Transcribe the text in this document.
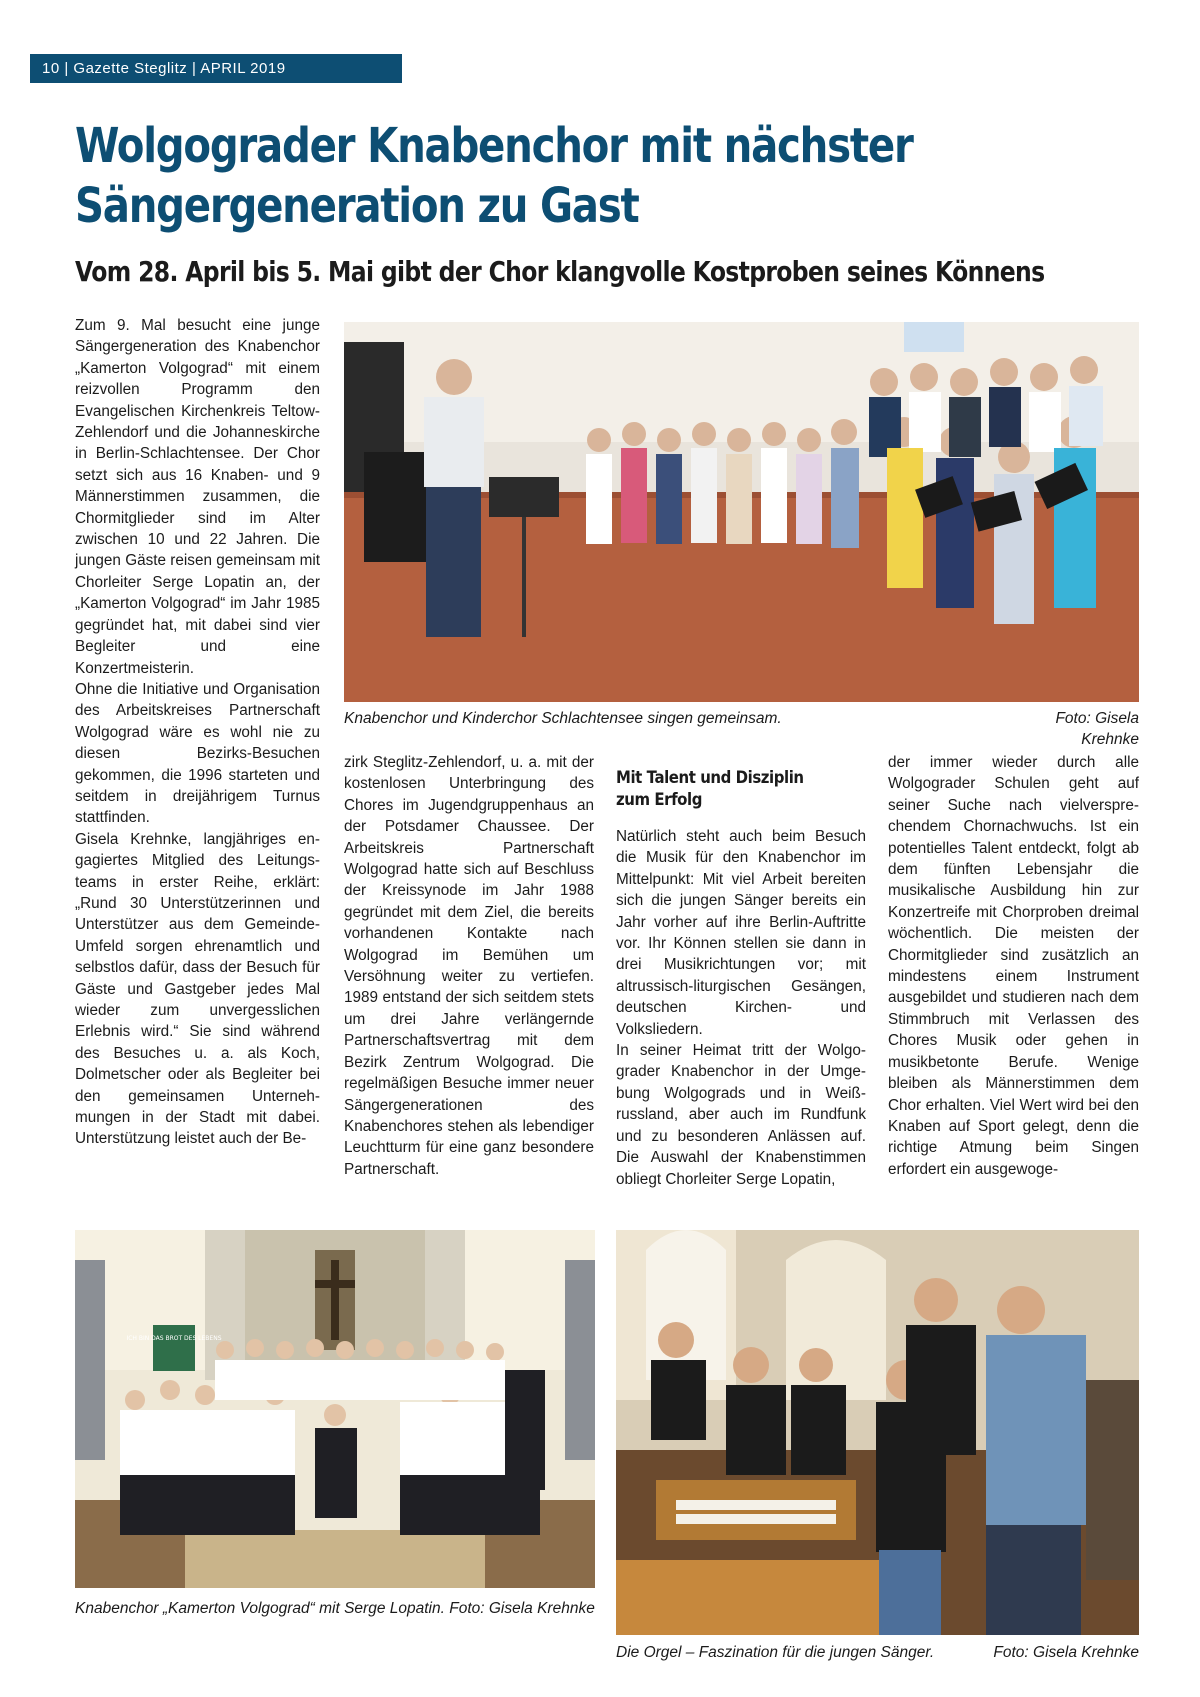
10 | Gazette Steglitz | APRIL 2019
Wolgograder Knabenchor mit nächster
Sängergeneration zu Gast
Vom 28. April bis 5. Mai gibt der Chor klangvolle Kostproben seines Könnens

Zum 9. Mal besucht eine junge Sängergeneration des Knabenchor „Kamerton Volgograd“ mit einem reizvollen Programm den Evangelischen Kirchenkreis Teltow-Zehlendorf und die Johanneskirche in Berlin-Schlachtensee. Der Chor setzt sich aus 16 Knaben- und 9 Männerstimmen zusammen, die Chormitglieder sind im Alter zwischen 10 und 22 Jahren. Die jungen Gäste reisen gemeinsam mit Chorleiter Serge Lopatin an, der „Kamerton Volgograd“ im Jahr 1985 gegründet hat, mit dabei sind vier Begleiter und eine Konzertmeisterin.

Ohne die Initiative und Organisation des Arbeitskreises Partnerschaft Wolgograd wäre es wohl nie zu diesen Bezirks-Besuchen gekommen, die 1996 starteten und seitdem in dreijährigem Turnus stattfinden.

Gisela Krehnke, langjähriges engagiertes Mitglied des Leitungsteams in erster Reihe, erklärt: „Rund 30 Unterstützerinnen und Unterstützer aus dem Gemeinde-Umfeld sorgen ehrenamtlich und selbstlos dafür, dass der Besuch für Gäste und Gastgeber jedes Mal wieder zum unvergesslichen Erlebnis wird.“ Sie sind während des Besuches u. a. als Koch, Dolmetscher oder als Begleiter bei den gemeinsamen Unternehmungen in der Stadt mit dabei. Unterstützung leistet auch der Be-

Knabenchor und Kinderchor Schlachtensee singen gemeinsam.	Foto: Gisela Krehnke

zirk Steglitz-Zehlendorf, u. a. mit der kostenlosen Unterbringung des Chores im Jugendgruppenhaus an der Potsdamer Chaussee. Der Arbeitskreis Partnerschaft Wolgograd hatte sich auf Beschluss der Kreissynode im Jahr 1988 gegründet mit dem Ziel, die bereits vorhandenen Kontakte nach Wolgograd im Bemühen um Versöhnung weiter zu vertiefen. 1989 entstand der sich seitdem stets um drei Jahre verlängernde Partnerschaftsvertrag mit dem Bezirk Zentrum Wolgograd. Die regelmäßigen Besuche immer neuer Sängergenerationen des Knabenchores stehen als lebendiger Leuchtturm für eine ganz besondere Partnerschaft.

Mit Talent und Disziplin
zum Erfolg

Natürlich steht auch beim Besuch die Musik für den Knabenchor im Mittelpunkt: Mit viel Arbeit bereiten sich die jungen Sänger bereits ein Jahr vorher auf ihre Berlin-Auftritte vor. Ihr Können stellen sie dann in drei Musikrichtungen vor; mit altrussisch-liturgischen Gesängen, deutschen Kirchen- und Volksliedern.

In seiner Heimat tritt der Wolgograder Knabenchor in der Umgebung Wolgograds und in Weißrussland, aber auch im Rundfunk und zu besonderen Anlässen auf. Die Auswahl der Knabenstimmen obliegt Chorleiter Serge Lopatin,

der immer wieder durch alle Wolgograder Schulen geht auf seiner Suche nach vielversprechendem Chornachwuchs. Ist ein potentielles Talent entdeckt, folgt ab dem fünften Lebensjahr die musikalische Ausbildung hin zur Konzertreife mit Chorproben dreimal wöchentlich. Die meisten der Chormitglieder sind zusätzlich an mindestens einem Instrument ausgebildet und studieren nach dem Stimmbruch mit Verlassen des Chores Musik oder gehen in musikbetonte Berufe. Wenige bleiben als Männerstimmen dem Chor erhalten. Viel Wert wird bei den Knaben auf Sport gelegt, denn die richtige Atmung beim Singen erfordert ein ausgewoge-

ICH BIN DAS BROT DES LEBENS
Knabenchor „Kamerton Volgograd“ mit Serge Lopatin. Foto: Gisela Krehnke
Die Orgel – Faszination für die jungen Sänger.	Foto: Gisela Krehnke
